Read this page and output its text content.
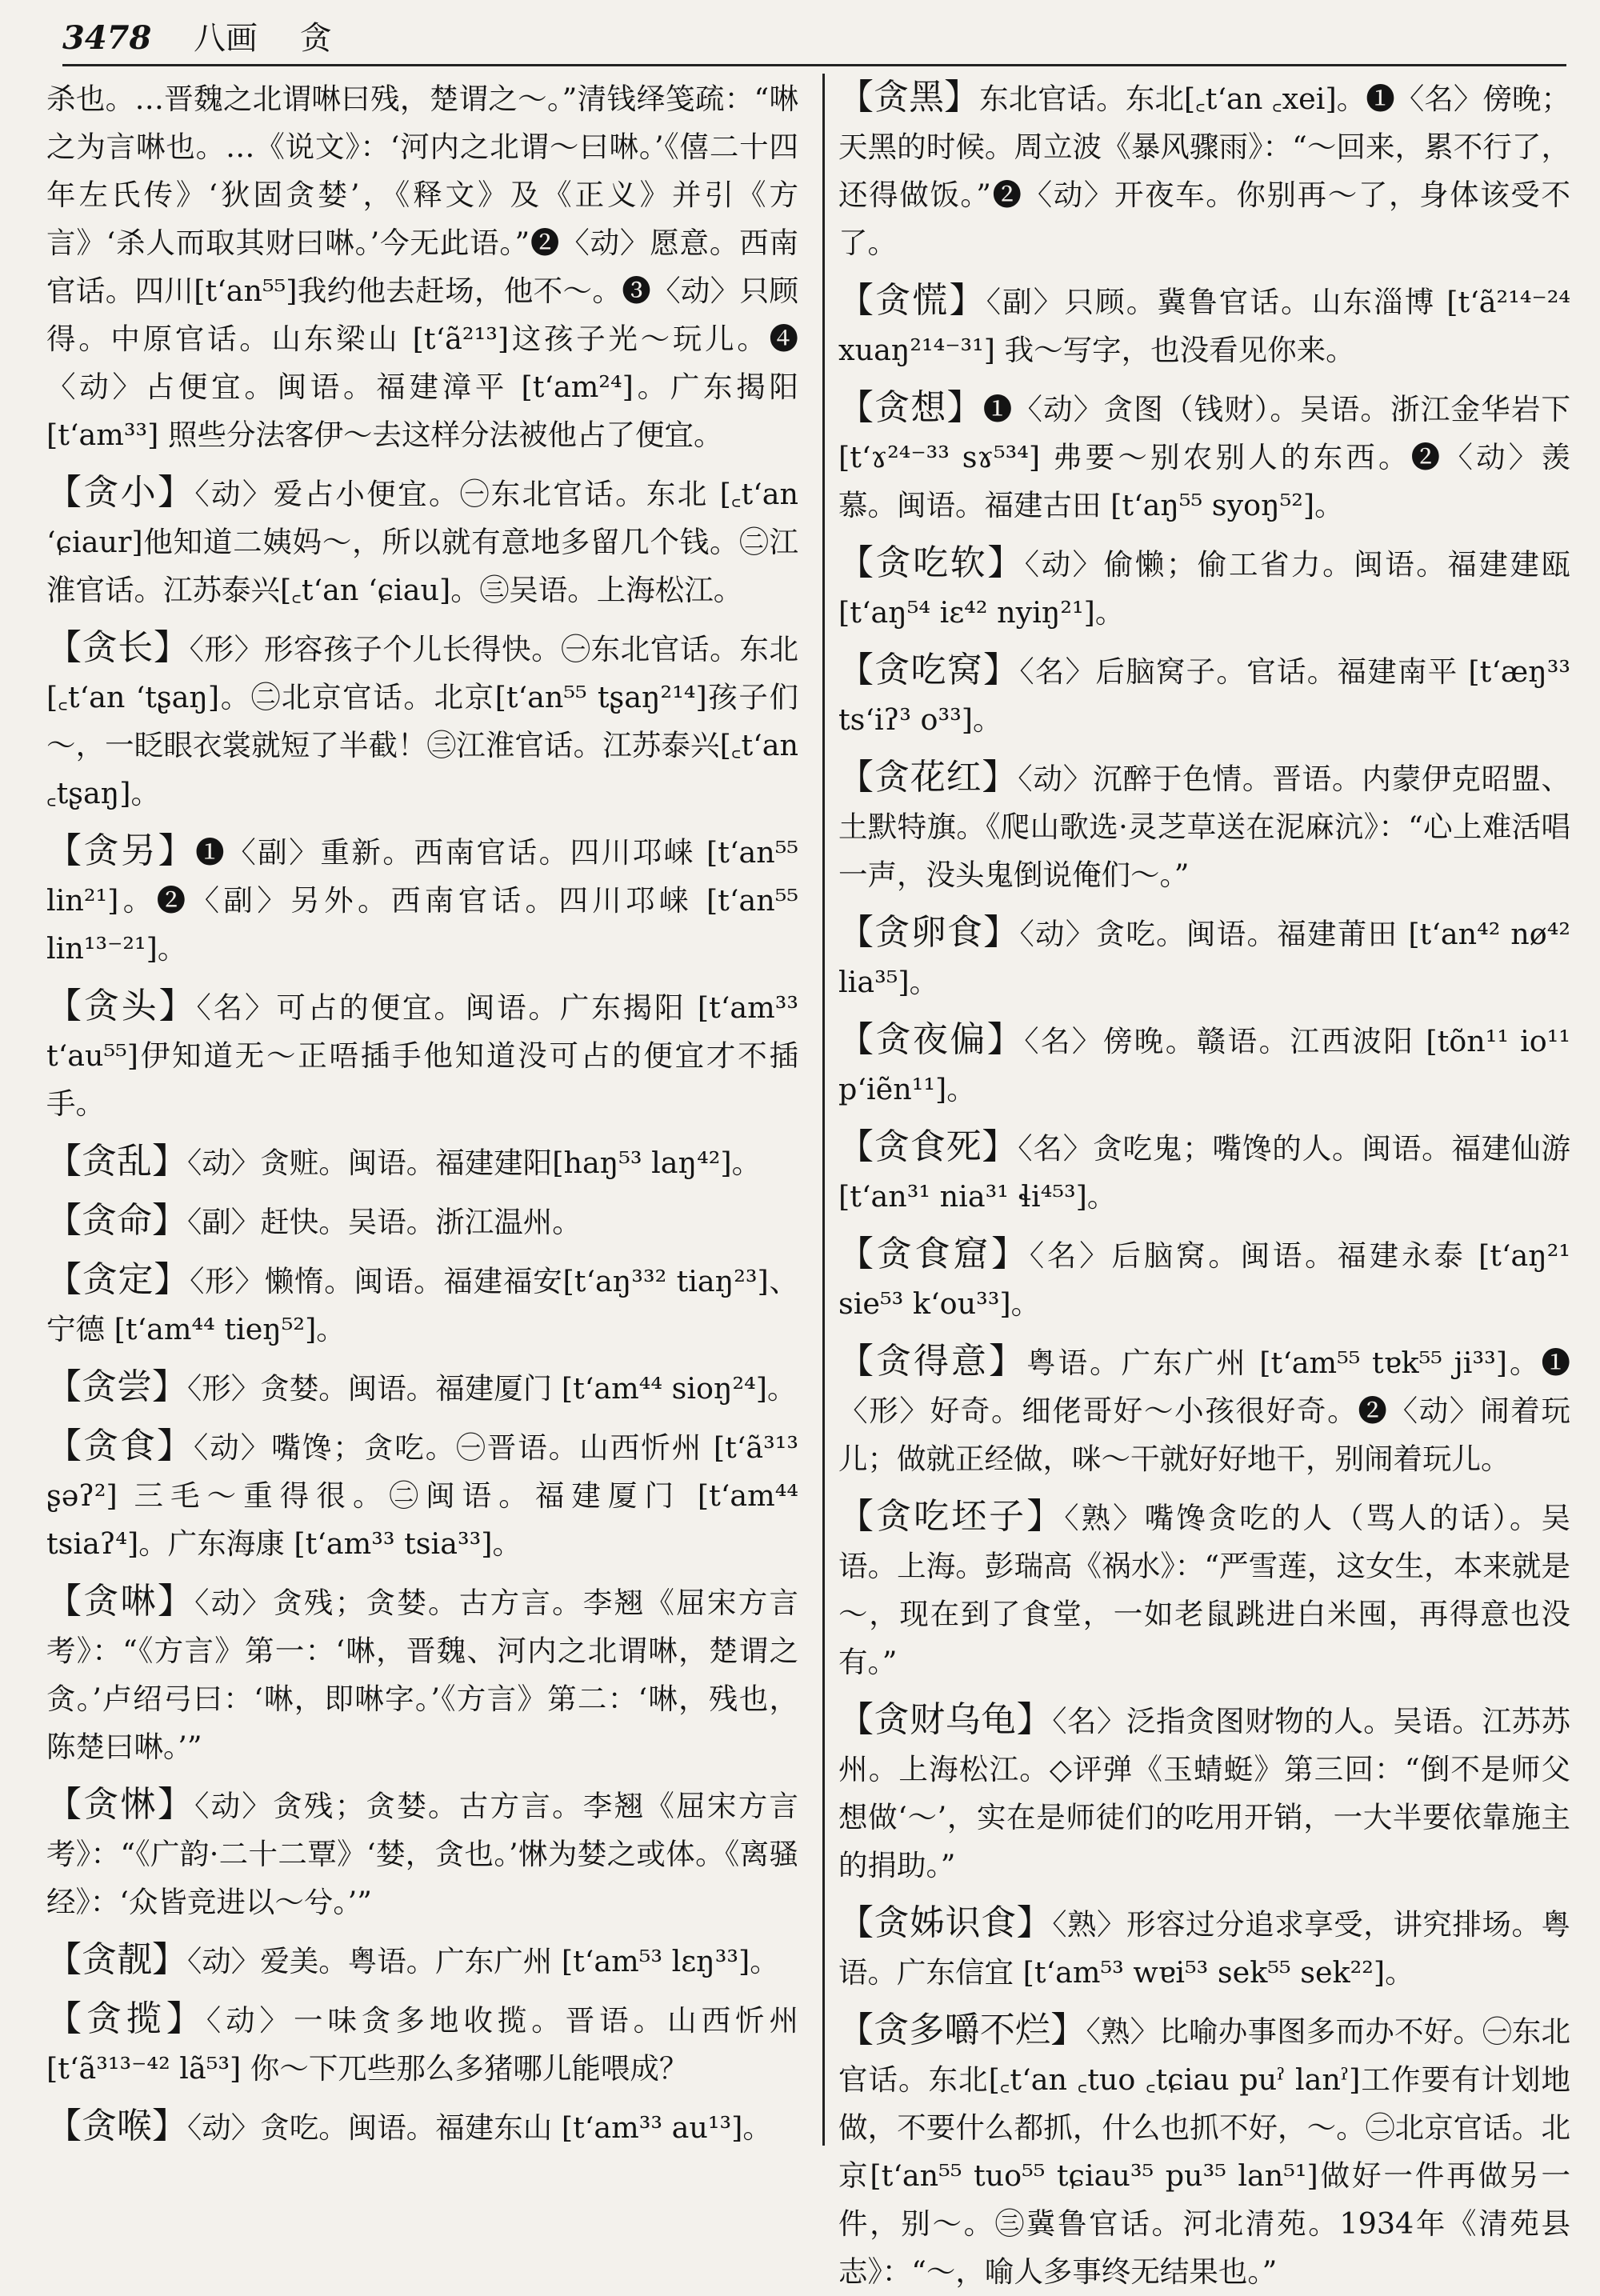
3478 八画 贪

杀也。…晋魏之北谓啉曰残，楚谓之～。”清钱绎笺疏：“啉之为言啉也。…《说文》：‘河内之北谓～曰啉。’《僖二十四年左氏传》‘狄固贪婪’，《释文》及《正义》并引《方言》‘杀人而取其财曰啉。’今无此语。”❷〈动〉愿意。西南官话。四川[t‘an⁵⁵]我约他去赶场，他不～。❸〈动〉只顾得。中原官话。山东梁山 [t‘ã²¹³]这孩子光～玩儿。❹〈动〉占便宜。闽语。福建漳平 [t‘am²⁴]。广东揭阳 [t‘am³³] 照些分法客伊～去这样分法被他占了便宜。

【贪小】〈动〉爱占小便宜。㊀东北官话。东北 [꜀t‘an ‘ɕiaur]他知道二姨妈～，所以就有意地多留几个钱。㊁江淮官话。江苏泰兴[꜀t‘an ‘ɕiau]。㊂吴语。上海松江。

【贪长】〈形〉形容孩子个儿长得快。㊀东北官话。东北[꜀t‘an ‘tʂaŋ]。㊁北京官话。北京[t‘an⁵⁵ tʂaŋ²¹⁴]孩子们～，一眨眼衣裳就短了半截！㊂江淮官话。江苏泰兴[꜀t‘an ꜀tʂaŋ]。

【贪另】❶〈副〉重新。西南官话。四川邛崃 [t‘an⁵⁵ lin²¹]。❷〈副〉另外。西南官话。四川邛崃 [t‘an⁵⁵ lin¹³⁻²¹]。

【贪头】〈名〉可占的便宜。闽语。广东揭阳 [t‘am³³ t‘au⁵⁵]伊知道无～正唔插手他知道没可占的便宜才不插手。

【贪乱】〈动〉贪赃。闽语。福建建阳[haŋ⁵³ laŋ⁴²]。

【贪命】〈副〉赶快。吴语。浙江温州。

【贪定】〈形〉懒惰。闽语。福建福安[t‘aŋ³³² tiaŋ²³]、宁德 [t‘am⁴⁴ tieŋ⁵²]。

【贪尝】〈形〉贪婪。闽语。福建厦门 [t‘am⁴⁴ sioŋ²⁴]。

【贪食】〈动〉嘴馋；贪吃。㊀晋语。山西忻州 [t‘ã³¹³ ʂəʔ²] 三毛～重得很。㊁闽语。福建厦门 [t‘am⁴⁴ tsiaʔ⁴]。广东海康 [t‘am³³ tsia³³]。

【贪啉】〈动〉贪残；贪婪。古方言。李翘《屈宋方言考》：“《方言》第一：‘啉，晋魏、河内之北谓啉，楚谓之贪。’卢绍弓曰：‘啉，即啉字。’《方言》第二：‘啉，残也，陈楚曰啉。’”

【贪惏】〈动〉贪残；贪婪。古方言。李翘《屈宋方言考》：“《广韵·二十二覃》‘婪，贪也。’惏为婪之或体。《离骚经》：‘众皆竞进以～兮。’”

【贪靓】〈动〉爱美。粤语。广东广州 [t‘am⁵³ lɛŋ³³]。

【贪揽】〈动〉一味贪多地收揽。晋语。山西忻州 [t‘ã³¹³⁻⁴² lã⁵³] 你～下兀些那么多猪哪儿能喂成？

【贪喉】〈动〉贪吃。闽语。福建东山 [t‘am³³ au¹³]。

【贪黑】东北官话。东北[꜀t‘an ꜀xei]。❶〈名〉傍晚；天黑的时候。周立波《暴风骤雨》：“～回来，累不行了，还得做饭。”❷〈动〉开夜车。你别再～了，身体该受不了。

【贪慌】〈副〉只顾。冀鲁官话。山东淄博 [t‘ã²¹⁴⁻²⁴ xuaŋ²¹⁴⁻³¹] 我～写字，也没看见你来。

【贪想】❶〈动〉贪图（钱财）。吴语。浙江金华岩下 [t‘ɤ²⁴⁻³³ sɤ⁵³⁴] 弗要～别农别人的东西。❷〈动〉羡慕。闽语。福建古田 [t‘aŋ⁵⁵ syoŋ⁵²]。

【贪吃软】〈动〉偷懒；偷工省力。闽语。福建建瓯 [t‘aŋ⁵⁴ iɛ⁴² nyiŋ²¹]。

【贪吃窝】〈名〉后脑窝子。官话。福建南平 [t‘æŋ³³ ts‘iʔ³ o³³]。

【贪花红】〈动〉沉醉于色情。晋语。内蒙伊克昭盟、土默特旗。《爬山歌选·灵芝草送在泥麻沆》：“心上难活唱一声，没头鬼倒说俺们～。”

【贪卵食】〈动〉贪吃。闽语。福建莆田 [t‘an⁴² nø⁴² lia³⁵]。

【贪夜偏】〈名〉傍晚。赣语。江西波阳 [tõn¹¹ io¹¹ p‘iẽn¹¹]。

【贪食死】〈名〉贪吃鬼；嘴馋的人。闽语。福建仙游 [t‘an³¹ nia³¹ ɬi⁴⁵³]。

【贪食窟】〈名〉后脑窝。闽语。福建永泰 [t‘aŋ²¹ sie⁵³ k‘ou³³]。

【贪得意】粤语。广东广州 [t‘am⁵⁵ tɐk⁵⁵ ji³³]。❶〈形〉好奇。细佬哥好～小孩很好奇。❷〈动〉闹着玩儿；做就正经做，咪～干就好好地干，别闹着玩儿。

【贪吃坯子】〈熟〉嘴馋贪吃的人（骂人的话）。吴语。上海。彭瑞高《祸水》：“严雪莲，这女生，本来就是～，现在到了食堂，一如老鼠跳进白米囤，再得意也没有。”

【贪财乌龟】〈名〉泛指贪图财物的人。吴语。江苏苏州。上海松江。◇评弹《玉蜻蜓》第三回：“倒不是师父想做‘～’，实在是师徒们的吃用开销，一大半要依靠施主的捐助。”

【贪姊识食】〈熟〉形容过分追求享受，讲究排场。粤语。广东信宜 [t‘am⁵³ wɐi⁵³ sek⁵⁵ sek²²]。

【贪多嚼不烂】〈熟〉比喻办事图多而办不好。㊀东北官话。东北[꜀t‘an ꜀tuo ꜀tɕiau puˀ lanˀ]工作要有计划地做，不要什么都抓，什么也抓不好，～。㊁北京官话。北京[t‘an⁵⁵ tuo⁵⁵ tɕiau³⁵ pu³⁵ lan⁵¹]做好一件再做另一件，别～。㊂冀鲁官话。河北清苑。1934年《清苑县志》：“～，喻人多事终无结果也。”
